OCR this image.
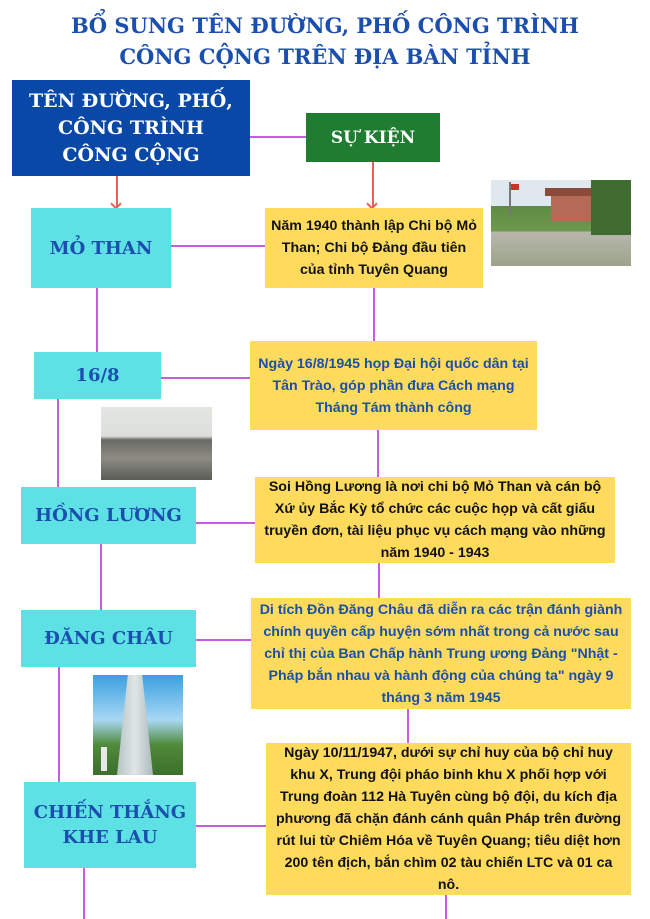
BỔ SUNG TÊN ĐƯỜNG, PHỐ CÔNG TRÌNH
CÔNG CỘNG TRÊN ĐỊA BÀN TỈNH
TÊN ĐƯỜNG, PHỐ, CÔNG TRÌNH CÔNG CỘNG
SỰ KIỆN
MỎ THAN
16/8
HỒNG LƯƠNG
ĐĂNG CHÂU
CHIẾN THẮNG KHE LAU
Năm 1940 thành lập Chi bộ Mỏ Than; Chi bộ Đảng đầu tiên của tỉnh Tuyên Quang
Ngày 16/8/1945 họp Đại hội quốc dân tại Tân Trào, góp phần đưa Cách mạng Tháng Tám thành công
Soi Hồng Lương là nơi chi bộ Mỏ Than và cán bộ Xứ ủy Bắc Kỳ tổ chức các cuộc họp và cất giấu truyền đơn, tài liệu phục vụ cách mạng vào những năm 1940 - 1943
Di tích Đồn Đăng Châu đã diễn ra các trận đánh giành chính quyền cấp huyện sớm nhất trong cả nước sau chỉ thị của Ban Chấp hành Trung ương Đảng "Nhật - Pháp bắn nhau và hành động của chúng ta" ngày 9 tháng 3 năm 1945
Ngày 10/11/1947, dưới sự chỉ huy của bộ chỉ huy khu X, Trung đội pháo binh khu X phối hợp với Trung đoàn 112 Hà Tuyên cùng bộ đội, du kích địa phương đã chặn đánh cánh quân Pháp trên đường rút lui từ Chiêm Hóa về Tuyên Quang; tiêu diệt hơn 200 tên địch, bắn chìm 02 tàu chiến LTC và 01 ca nô.
